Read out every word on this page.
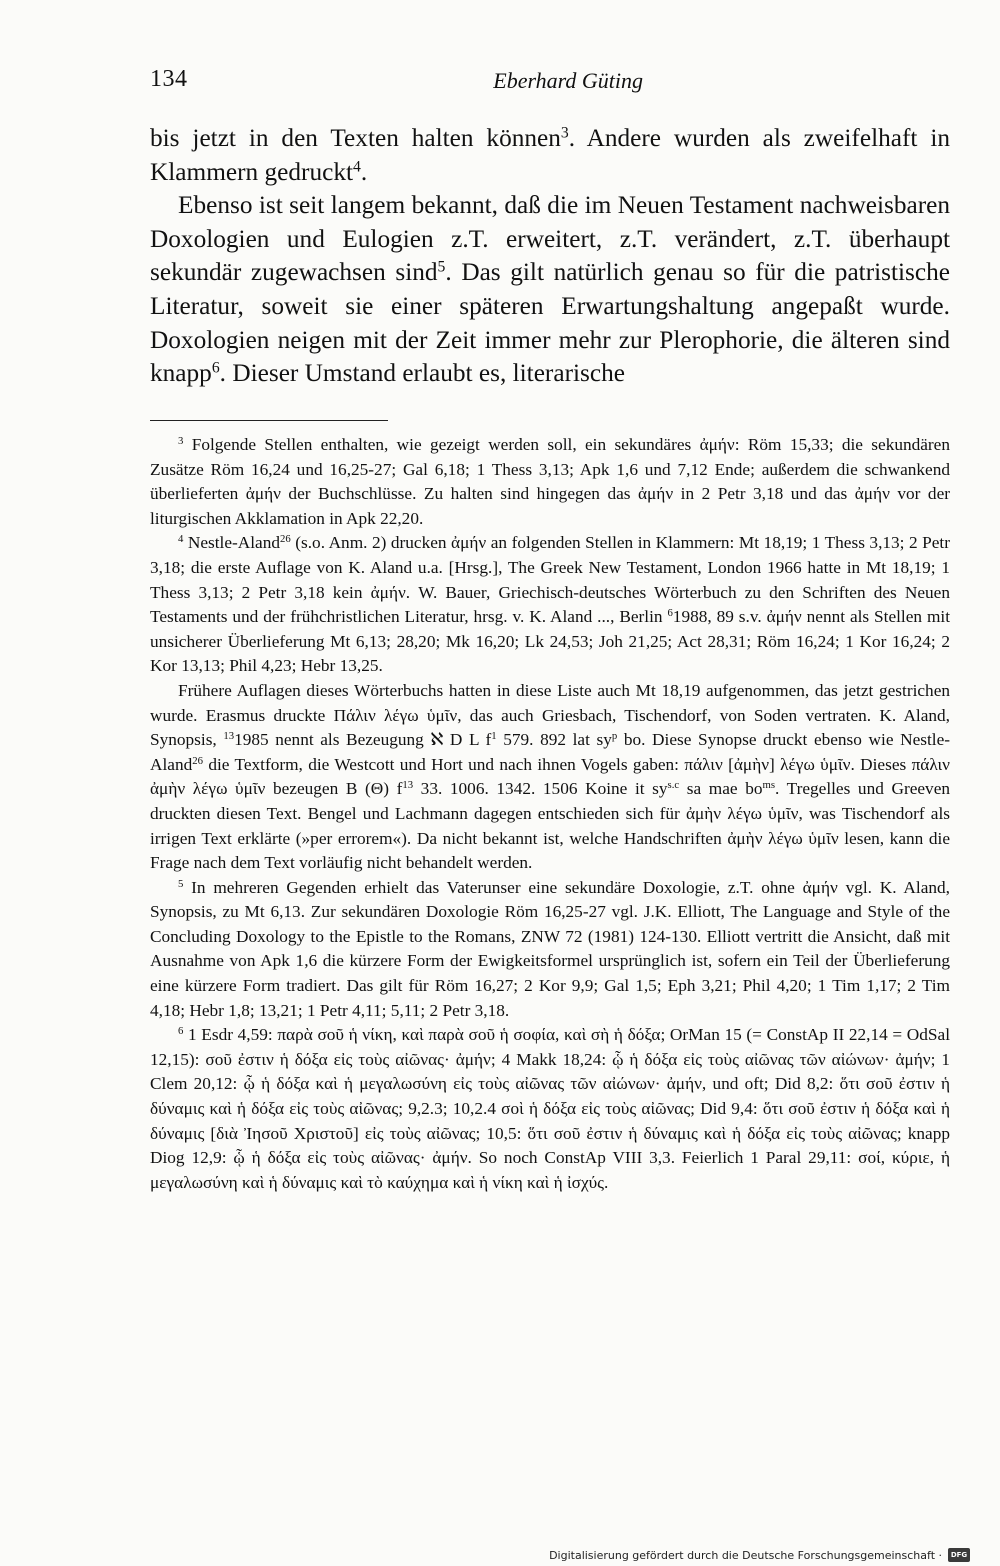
134	Eberhard Güting

bis jetzt in den Texten halten können$^3$. Andere wurden als zweifelhaft in Klammern gedruckt$^4$.

Ebenso ist seit langem bekannt, daß die im Neuen Testament nachweisbaren Doxologien und Eulogien z.T. erweitert, z.T. verändert, z.T. überhaupt sekundär zugewachsen sind$^5$. Das gilt natürlich genau so für die patristische Literatur, soweit sie einer späteren Erwartungshaltung angepaßt wurde. Doxologien neigen mit der Zeit immer mehr zur Plerophorie, die älteren sind knapp$^6$. Dieser Umstand erlaubt es, literarische

$^3$ Folgende Stellen enthalten, wie gezeigt werden soll, ein sekundäres ἀμήν: Röm 15,33; die sekundären Zusätze Röm 16,24 und 16,25-27; Gal 6,18; 1 Thess 3,13; Apk 1,6 und 7,12 Ende; außerdem die schwankend überlieferten ἀμήν der Buchschlüsse. Zu halten sind hingegen das ἀμήν in 2 Petr 3,18 und das ἀμήν vor der liturgischen Akklamation in Apk 22,20.

$^4$ Nestle-Aland$^{26}$ (s.o. Anm. 2) drucken ἀμήν an folgenden Stellen in Klammern: Mt 18,19; 1 Thess 3,13; 2 Petr 3,18; die erste Auflage von K. Aland u.a. [Hrsg.], The Greek New Testament, London 1966 hatte in Mt 18,19; 1 Thess 3,13; 2 Petr 3,18 kein ἀμήν. W. Bauer, Griechisch-deutsches Wörterbuch zu den Schriften des Neuen Testaments und der frühchristlichen Literatur, hrsg. v. K. Aland ..., Berlin $^6$1988, 89 s.v. ἀμήν nennt als Stellen mit unsicherer Überlieferung Mt 6,13; 28,20; Mk 16,20; Lk 24,53; Joh 21,25; Act 28,31; Röm 16,24; 1 Kor 16,24; 2 Kor 13,13; Phil 4,23; Hebr 13,25.

Frühere Auflagen dieses Wörterbuchs hatten in diese Liste auch Mt 18,19 aufgenommen, das jetzt gestrichen wurde. Erasmus druckte Πάλιν λέγω ὑμῖν, das auch Griesbach, Tischendorf, von Soden vertraten. K. Aland, Synopsis, $^{13}$1985 nennt als Bezeugung ℵ D L $f^1$ 579. 892 lat $sy^p$ bo. Diese Synopse druckt ebenso wie Nestle-Aland$^{26}$ die Textform, die Westcott und Hort und nach ihnen Vogels gaben: πάλιν [ἀμὴν] λέγω ὑμῖν. Dieses πάλιν ἀμὴν λέγω ὑμῖν bezeugen B (Θ) $f^{13}$ 33. 1006. 1342. 1506 Koine it $sy^{s.c}$ sa mae $bo^{ms}$. Tregelles und Greeven druckten diesen Text. Bengel und Lachmann dagegen entschieden sich für ἀμὴν λέγω ὑμῖν, was Tischendorf als irrigen Text erklärte (»per errorem«). Da nicht bekannt ist, welche Handschriften ἀμὴν λέγω ὑμῖν lesen, kann die Frage nach dem Text vorläufig nicht behandelt werden.

$^5$ In mehreren Gegenden erhielt das Vaterunser eine sekundäre Doxologie, z.T. ohne ἀμήν vgl. K. Aland, Synopsis, zu Mt 6,13. Zur sekundären Doxologie Röm 16,25-27 vgl. J.K. Elliott, The Language and Style of the Concluding Doxology to the Epistle to the Romans, ZNW 72 (1981) 124-130. Elliott vertritt die Ansicht, daß mit Ausnahme von Apk 1,6 die kürzere Form der Ewigkeitsformel ursprünglich ist, sofern ein Teil der Überlieferung eine kürzere Form tradiert. Das gilt für Röm 16,27; 2 Kor 9,9; Gal 1,5; Eph 3,21; Phil 4,20; 1 Tim 1,17; 2 Tim 4,18; Hebr 1,8; 13,21; 1 Petr 4,11; 5,11; 2 Petr 3,18.

$^6$ 1 Esdr 4,59: παρὰ σοῦ ἡ νίκη, καὶ παρὰ σοῦ ἡ σοφία, καὶ σὴ ἡ δόξα; OrMan 15 (= ConstAp II 22,14 = OdSal 12,15): σοῦ ἐστιν ἡ δόξα εἰς τοὺς αἰῶνας· ἀμήν; 4 Makk 18,24: ᾧ ἡ δόξα εἰς τοὺς αἰῶνας τῶν αἰώνων· ἀμήν; 1 Clem 20,12: ᾧ ἡ δόξα καὶ ἡ μεγαλωσύνη εἰς τοὺς αἰῶνας τῶν αἰώνων· ἀμήν, und oft; Did 8,2: ὅτι σοῦ ἐστιν ἡ δύναμις καὶ ἡ δόξα εἰς τοὺς αἰῶνας; 9,2.3; 10,2.4 σοὶ ἡ δόξα εἰς τοὺς αἰῶνας; Did 9,4: ὅτι σοῦ ἐστιν ἡ δόξα καὶ ἡ δύναμις [διὰ Ἰησοῦ Χριστοῦ] εἰς τοὺς αἰῶνας; 10,5: ὅτι σοῦ ἐστιν ἡ δύναμις καὶ ἡ δόξα εἰς τοὺς αἰῶνας; knapp Diog 12,9: ᾧ ἡ δόξα εἰς τοὺς αἰῶνας· ἀμήν. So noch ConstAp VIII 3,3. Feierlich 1 Paral 29,11: σοί, κύριε, ἡ μεγαλωσύνη καὶ ἡ δύναμις καὶ τὸ καύχημα καὶ ἡ νίκη καὶ ἡ ἰσχύς.

Digitalisierung gefördert durch die Deutsche Forschungsgemeinschaft ·	DFG
